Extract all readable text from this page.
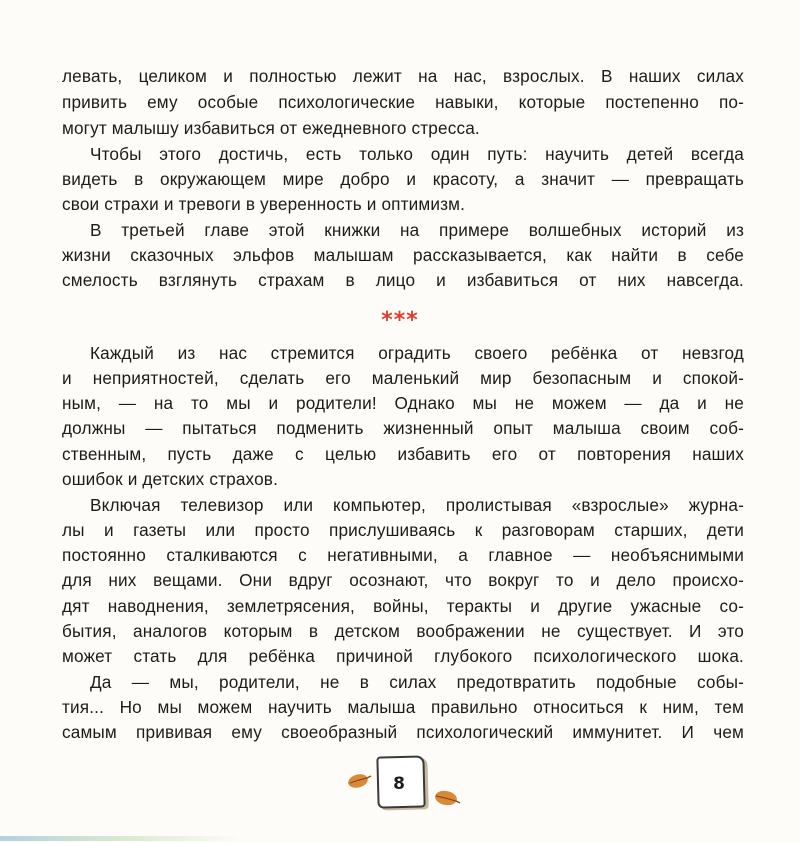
левать, целиком и полностью лежит на нас, взрослых. В наших силах
привить ему особые психологические навыки, которые постепенно по-
могут малышу избавиться от ежедневного стресса.
Чтобы этого достичь, есть только один путь: научить детей всегда
видеть в окружающем мире добро и красоту, а значит — превращать
свои страхи и тревоги в уверенность и оптимизм.
В третьей главе этой книжки на примере волшебных историй из
жизни сказочных эльфов малышам рассказывается, как найти в себе
смелость взглянуть страхам в лицо и избавиться от них навсегда.
***
Каждый из нас стремится оградить своего ребёнка от невзгод
и неприятностей, сделать его маленький мир безопасным и спокой-
ным, — на то мы и родители! Однако мы не можем — да и не
должны — пытаться подменить жизненный опыт малыша своим соб-
ственным, пусть даже с целью избавить его от повторения наших
ошибок и детских страхов.
Включая телевизор или компьютер, пролистывая «взрослые» журна-
лы и газеты или просто прислушиваясь к разговорам старших, дети
постоянно сталкиваются с негативными, а главное — необъяснимыми
для них вещами. Они вдруг осознают, что вокруг то и дело происхо-
дят наводнения, землетрясения, войны, теракты и другие ужасные со-
бытия, аналогов которым в детском воображении не существует. И это
может стать для ребёнка причиной глубокого психологического шока.
Да — мы, родители, не в силах предотвратить подобные собы-
тия... Но мы можем научить малыша правильно относиться к ним, тем
самым прививая ему своеобразный психологический иммунитет. И чем
8
